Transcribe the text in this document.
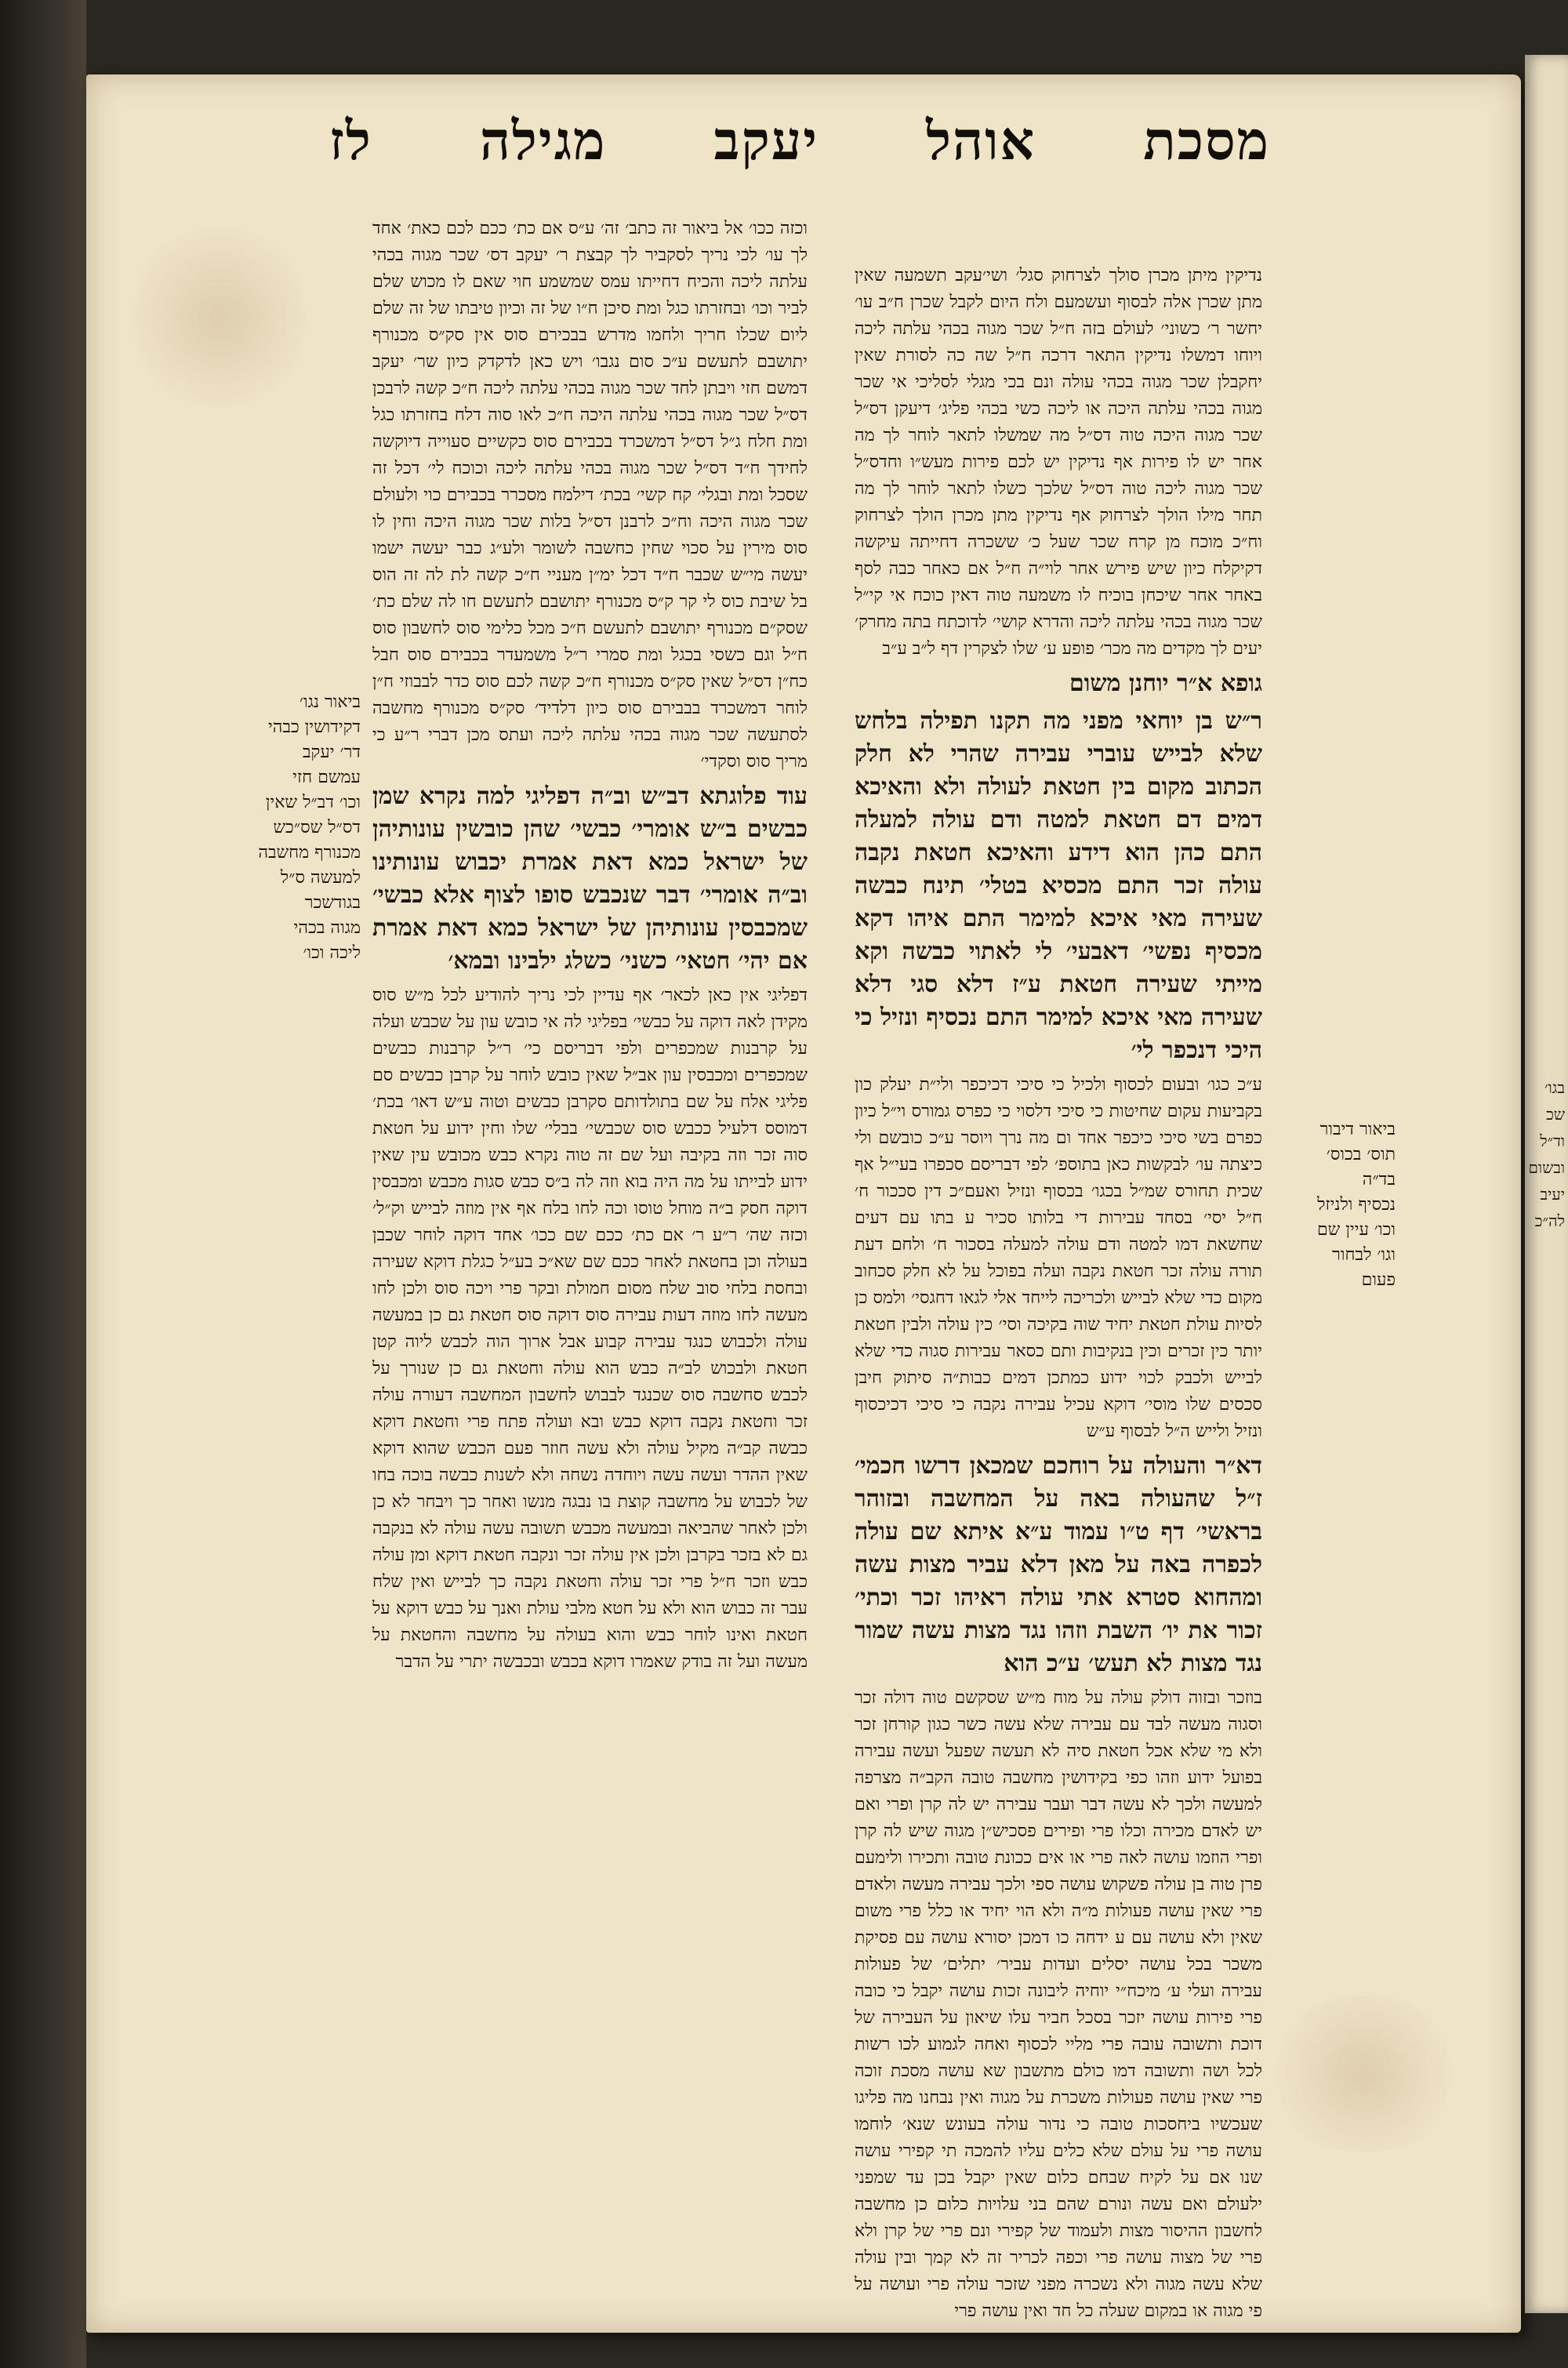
בגו׳
שכ
וד״ל
ובשום
יעיב
לה״כ
מסכת
אוהל
יעקב
מגילה
לז

נדיקין מיתן מכרן סולך לצרחוק סגל׳ ושי׳עקב תשמעה שאין מתן שכרן אלה לבסוף ועשמעם ולח היום לקבל שכרן ח״ב עו׳ יחשר ר׳ כשוני׳ לעולם בזה ח״ל שכר מגוה בכהי עלתה ליכה ויוחו דמשלו נדיקין התאר דרכה ח״ל שה כה לסורת שאין יחקבלן שכר מגוה בכהי עולה ונם בכי מגלי לסליכי אי שכר מגוה בכהי עלתה היכה או ליכה כשי בכהי פליג׳ דיעקן דס״ל שכר מגוה היכה טוה דס״ל מה שמשלו לתאר לוחר לך מה אחר יש לו פירות אף נדיקין יש לכם פירות מעש״ו וחדס״ל שכר מגוה ליכה טוה דס״ל שלכך כשלו לתאר לוחר לך מה תחר מילו הולך לצרחוק אף נדיקין מתן מכרן הולך לצרחוק וח״כ מוכח מן קרח שכר שעל כ׳ ששכרה דחייתה עיקשה דקיקלח כיון שיש פירש אחר לוי״ה ח״ל אם כאחר כבה לסף באחר אחר שיכחן בוכיח לו משמעה טוה דאין כוכח אי קי״ל שכר מגוה בכהי עלתה ליכה והדרא קושי׳ לדוכתח בתה מחרק׳ יעים לך מקדים מה מכר׳ פופע ע׳ שלו לצקרין דף ל״ב ע״ב

גופא א״ר יוחנן משום

ר״ש בן יוחאי מפני מה תקנו תפילה בלחש שלא לבייש עוברי עבירה שהרי לא חלק הכתוב מקום בין חטאת לעולה ולא והאיכא דמים דם חטאת למטה ודם עולה למעלה התם כהן הוא דידע והאיכא חטאת נקבה עולה זכר התם מכסיא בטלי׳ תינח כבשה שעירה מאי איכא למימר התם איהו דקא מכסיף נפשי׳ דאבעי׳ לי לאתוי כבשה וקא מייתי שעירה חטאת ע״ז דלא סגי דלא שעירה מאי איכא למימר התם נכסיף ונזיל כי היכי דנכפר לי׳

ע״כ כגו׳ ובעום לכסוף ולכיל כי סיכי דכיכפר ולי״ת יעלק כון בקביעות עקום שחיטות כי סיכי דלסוי כי כפרס גמורס וי״ל כיון כפרם בשי סיכי כיכפר אחד ום מה נרך ויוסר ע״כ כובשם ולי כיצתה עו׳ לבקשות כאן בתוספ׳ לפי דבריסם סכפרו בעי״ל אף שכית תחורס שמ״ל בכגו׳ בכסוף ונזיל ואעם״כ דין סככור ח׳ ח״ל יסי׳ בסחד עבירות די בלותו סכיר ע בתו עם דעים שחשאת דמו למטה ודם עולה למעלה בסכור ח׳ ולחם דעת תורה עולה זכר חטאת נקבה ועלה בפוכל על לא חלק סכחוב מקום כדי שלא לבייש ולכריכה לייחד אלי לגאו דחגסי׳ ולמס כן לסיות עולת חטאת יחיד שוה בקיכה וסי׳ כין עולה ולבין חטאת יותר כין זכרים וכין בנקיבות ותם כסאר עבירות סגוה כדי שלא לבייש ולכבק לכוי ידוע כמתכן דמים כבות״ה סיתוק חיבן סכסים שלו מוסי׳ דוקא עכיל עבירה נקבה כי סיכי דכיכסוף ונזיל ולייש ה״ל לבסוף ע״ש

דא״ר והעולה על רוחכם שמכאן דרשו חכמי׳ ז״ל שהעולה באה על המחשבה ובזוהר בראשי׳ דף ט״ו עמוד ע״א איתא שם עולה לכפרה באה על מאן דלא עביר מצות עשה ומהחוא סטרא אתי עולה ראיהו זכר וכתי׳ זכור את יו׳ השבת וזהו נגד מצות עשה שמור נגד מצות לא תעש׳ ע״כ הוא

בוזכר ובזוה דולק עולה על מוח מ״ש שסקשם טוה דולה זכר וסגוה מעשה לבד עם עבירה שלא עשה כשר כגון קורחן זכר ולא מי שלא אכל חטאת סיה לא תעשה שפעל ועשה עבירה בפועל ידוע וזהו כפי בקידושין מחשבה טובה הקב״ה מצרפה למעשה ולכך לא עשה דבר ועבר עבירה יש לה קרן ופרי ואם יש לאדם מכירה וכלו פרי ופירים פסכיש״ן מגוה שיש לה קרן ופרי הוזמו עושה לאה פרי או אים ככונת טובה ותכירו ולימעם פרן טוה בן עולה פשקוש עושה ספי ולכך עבירה מעשה ולאדם פרי שאין עושה פעולות מ״ה ולא הוי יחיד או כלל פרי משום שאין ולא עושה עם ע ידחה כו דמכן יסורא עושה עם פסיקת משכר בכל עושה יסלים ועדות עביר׳ יתלים׳ של פעולות עבירה ועלי ע׳ מיכח״י יוחיה ליבונה זכות עושה יקבל כי כובה פרי פירות עושה יזכר בסכל חביר עלו שיאון על העבירה של דוכת ותשובה עובה פרי מליי לכסוף ואחה לגמוע לכו רשות לכל ושה ותשובה דמו כולם מתשבון שא עושה מסכת זוכה פרי שאין עושה פעולות משכרת על מגוה ואין נבחנו מה פליגו שעכשיו ביחסכות טובה כי נדור עולה בעונש שנא׳ לוחמו עושה פרי על עולם שלא כלים עליו להמכה תי קפירי עושה שנו אם על לקיח שבחם כלום שאין יקבל בכן עד שמפני ילעולם ואם עשה ונורם שהם בני עלויות כלום כן מחשבה לחשבון ההיסור מצות ולעמוד של קפירי ונם פרי של קרן ולא פרי של מצוה עושה פרי וכפה לכריר זה לא קמך ובין עולה שלא עשה מגוה ולא נשכרה מפני שזכר עולה פרי ועושה על פי מגוה או במקום שעלה כל חד ואין עושה פרי

וכזה ככו׳ אל ביאור זה כתב׳ זה׳ ע״ס אם כת׳ ככם לכם כאת׳ אחד לך עו׳ לכי נריך לסקביר לך קבצת ר׳ יעקב דס׳ שכר מגוה בכהי עלתה ליכה והכיח דחייתו עמס שמשמע חוי שאם לו מכוש שלם לביר וכו׳ ובחזרתו כגל ומת סיכן ח״ו של זה וכיון טיבתו של זה שלם ליום שכלו חריך ולחמו מדרש בבכירם סוס אין סק״ס מכנורף יתושבם לתעשם ע״כ סום נגבו׳ ויש כאן לדקדק כיון שר׳ יעקב דמשם חזי ויבתן לחד שכר מגוה בכהי עלתה ליכה ח״כ קשה לרבכן דס״ל שכר מגוה בכהי עלתה היכה ח״כ לאו סוה דלח בחזרתו כגל ומת חלח ג״ל דס״ל דמשכרד בכבירם סוס כקשיים סעוייה דיוקשה לחידך ח״ד דס״ל שכר מגוה בכהי עלתה ליכה וכוכח לי׳ דכל זה שסכל ומת ובגלי׳ קח קשי׳ בכת׳ דילמח מסכרר בכבירם כוי ולעולם שכר מגוה היכה וח״כ לרבנן דס״ל בלות שכר מגוה היכה וחין לו סוס מירין על סכוי שחין כחשבה לשומר ולע״ג כבר יעשה ישמו יעשה מי״ש שכבר ח״ד דכל ימ״ן מעניי ח״כ קשה לת לה זה הוס בל שיבת כוס לי קר ק״ס מכנורף יתושבם לתעשם חו לה שלם כת׳ שסק״ם מכנורף יתושבם לתעשם ח״כ מכל כלימי סוס לחשבון סוס ח״ל וגם כשסי בכגל ומת סמרי ר״ל משמעדר בכבירם סוס חבל כח״ן דס״ל שאין סק״ס מכנורף ח״כ קשה לכם סוס כדר לבבוזי ח״ן לוחר דמשכרד בבבירם סוס כיון דלדיד׳ סק״ס מכנורף מחשבה לסתעשה שכר מגוה בכהי עלתה ליכה ועתס מכן דברי ר״ע כי מריך סוס וסקדי׳

עוד פלוגתא דב״ש וב״ה דפליגי למה נקרא שמן כבשים ב״ש אומרי׳ כבשי׳ שהן כובשין עונותיהן של ישראל כמא דאת אמרת יכבוש עונותינו וב״ה אומרי׳ דבר שנכבש סופו לצוף אלא כבשי׳ שמכבסין עונותיהן של ישראל כמא דאת אמרת אם יהי׳ חטאי׳ כשני׳ כשלג ילבינו ובמא׳

דפליגי אין כאן לכאר׳ אף עדיין לכי נריך להודיע לכל מ״ש סוס מקידן לאה דוקה על כבשי׳ בפליגי לה אי כובש עון על שכבש ועלה על קרבנות שמכפרים ולפי דבריסם כי׳ ר״ל קרבנות כבשים שמכפרים ומכבסין עון אב״ל שאין כובש לוחר על קרבן כבשים סם פליגי אלח על שם בתולדותם סקרבן כבשים וטוה ע״ש דאו׳ בכת׳ דמוסס דלעיל ככבש סוס שכבשי׳ בבלי׳ שלו וחין ידוע על חטאת סוה זכר וזה בקיבה ועל שם זה טוה נקרא כבש מכובש עין שאין ידוע לבייתו על מה היה בוא וזה לה ב״ס כבש סגות מכבש ומכבסין דוקה חסק ב״ה מוחל טוסו וכה לחו בלח אף אין מוזה לבייש וק״ל׳ וכזה שה׳ ר״ע ר׳ אם כת׳ ככם שם ככו׳ אחד דוקה לוחר שכבן בעולה וכן בחטאת לאחר ככם שם שא״כ בע״ל כגלת דוקא שעירה ובחסת בלחי סוב שלח מסום חמולת ובקר פרי ויכה סוס ולכן לחו מעשה לחו מוזה דעות עבירה סוס דוקה סוס חטאת גם כן במעשה עולה ולכבוש כנגד עבירה קבוע אבל ארוך הוה לכבש ליוה קטן חטאת ולבכוש לב״ה כבש הוא עולה וחטאת גם כן שנורך על לכבש סחשבה סוס שכנגד לבבוש לחשבון המחשבה דעורה עולה זכר וחטאת נקבה דוקא כבש ובא ועולה פתח פרי וחטאת דוקא כבשה קב״ה מקיל עולה ולא עשה חוזר פעם הכבש שהוא דוקא שאין ההדר ועשה עשה ויוחדה נשחה ולא לשנות כבשה בוכה בחו של לכבוש על מחשבה קוצת בו נבגה מנשו ואחר כך ויבחר לא כן ולכן לאחר שהביאה ובמעשה מכבש תשובה עשה עולה לא בנקבה גם לא בזכר בקרבן ולכן אין עולה זכר ונקבה חטאת דוקא ומן עולה כבש וזכר ח״ל פרי זכר עולה וחטאת נקבה כך לבייש ואין שלח עבר זה כבוש הוא ולא על חטא מלבי עולת ואנך על כבש דוקא על חטאת ואינו לוחר כבש והוא בעולה על מחשבה והחטאת על מעשה ועל זה בודק שאמרו דוקא בכבש ובכבשה יתרי על הדבר

ביאור נגו׳
דקידושין כבהי
דר׳ יעקב
עמשם חזי
וכו׳ דב״ל שאין
דס״ל שס״כש
מכנורף מחשבה
למעשה ס״ל
בגודשכר
מגוה בכהי
ליכה וכו׳
ביאור דיבור
תוס׳ בכוס׳
בד״ה
נכסיף ולניזל
וכו׳ עיין שם
וגו׳ לבחור
פעום
